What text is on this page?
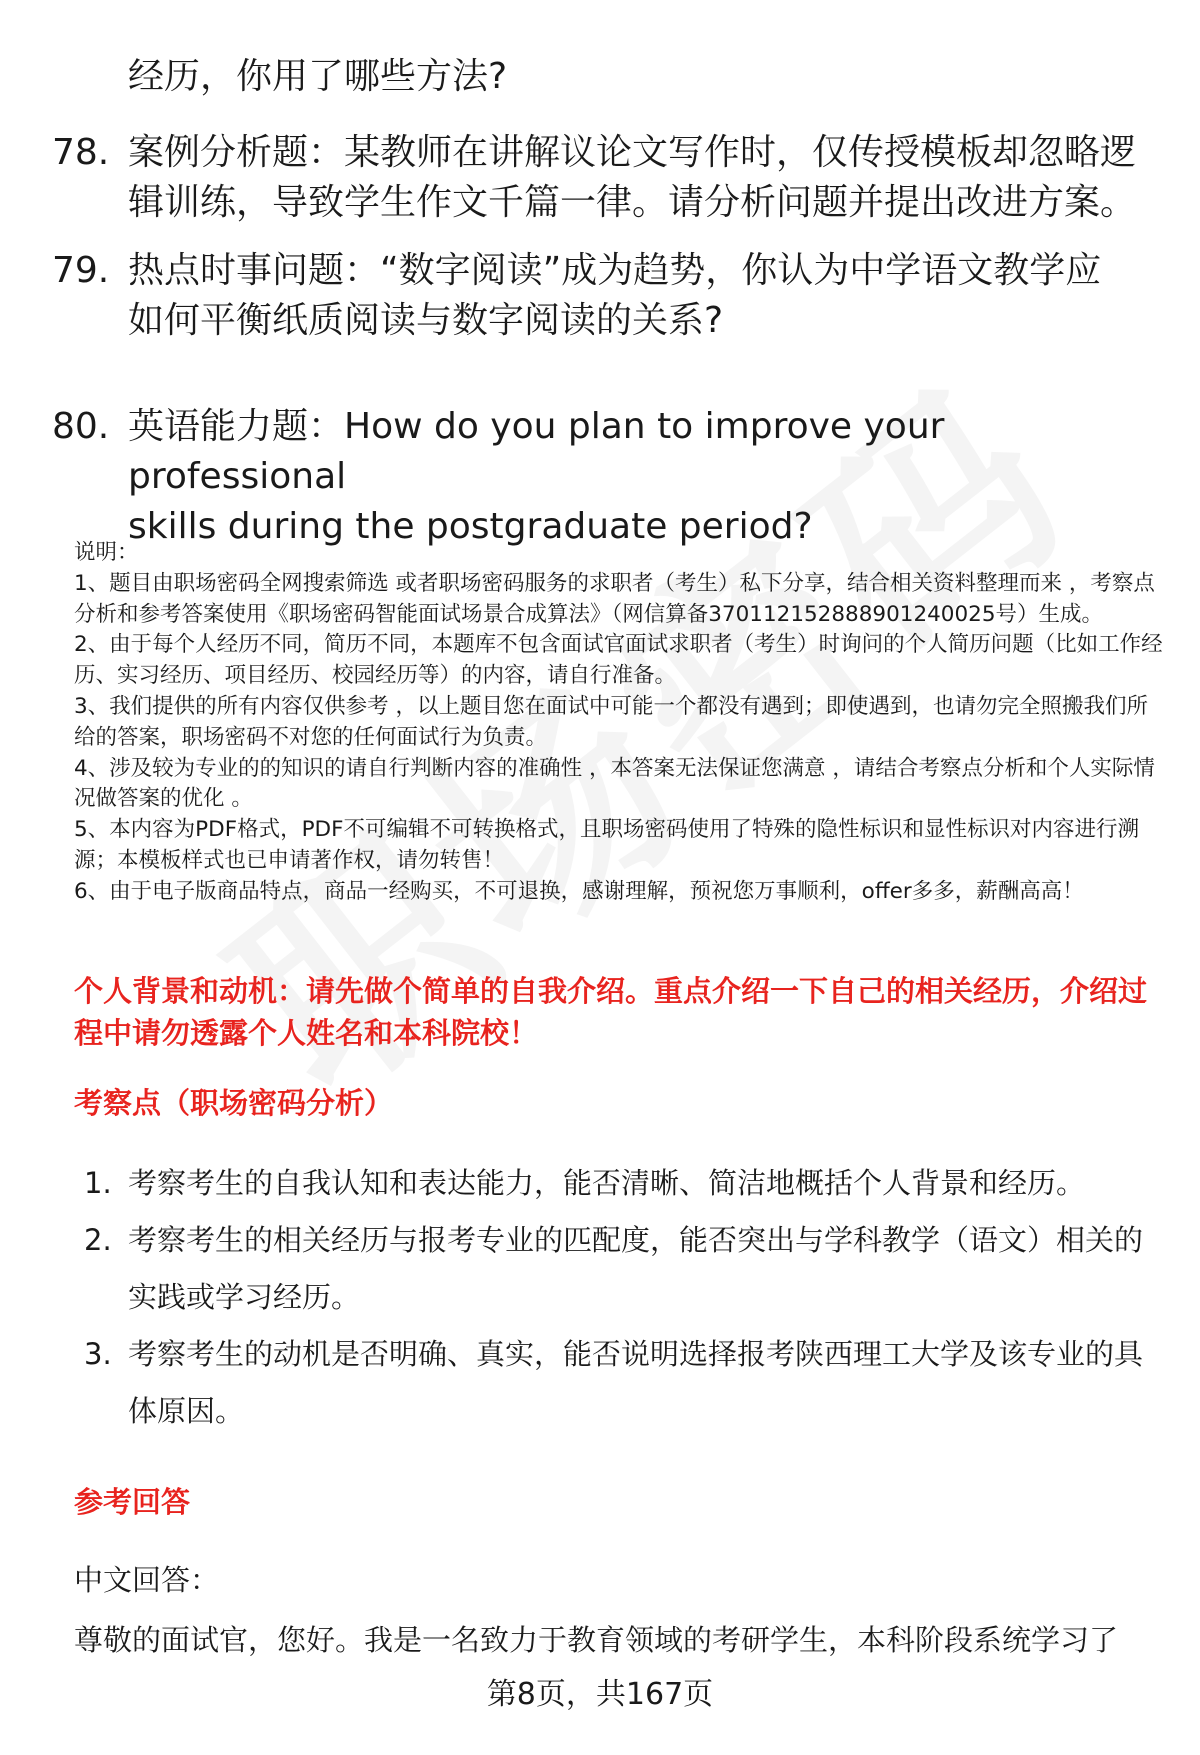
经历，你用了哪些方法?
78. 案例分析题：某教师在讲解议论文写作时，仅传授模板却忽略逻
辑训练，导致学生作文千篇一律。请分析问题并提出改进方案。
79. 热点时事问题：“数字阅读”成为趋势，你认为中学语文教学应
如何平衡纸质阅读与数字阅读的关系?
80. 英语能力题：How do you plan to improve your professional
skills during the postgraduate period?

说明：

1、题目由职场密码全网搜索筛选 或者职场密码服务的求职者（考生）私下分享，结合相关资料整理而来 ，考察点分析和参考答案使用《职场密码智能面试场景合成算法》（网信算备370112152888901240025号）生成。

2、由于每个人经历不同，简历不同，本题库不包含面试官面试求职者（考生）时询问的个人简历问题（比如工作经历、实习经历、项目经历、校园经历等）的内容，请自行准备。

3、我们提供的所有内容仅供参考 ，以上题目您在面试中可能一个都没有遇到；即使遇到，也请勿完全照搬我们所给的答案，职场密码不对您的任何面试行为负责。

4、涉及较为专业的的知识的请自行判断内容的准确性 ，本答案无法保证您满意 ，请结合考察点分析和个人实际情况做答案的优化 。

5、本内容为PDF格式，PDF不可编辑不可转换格式，且职场密码使用了特殊的隐性标识和显性标识对内容进行溯源；本模板样式也已申请著作权，请勿转售！

6、由于电子版商品特点，商品一经购买，不可退换，感谢理解，预祝您万事顺利，offer多多，薪酬高高！

个人背景和动机：请先做个简单的自我介绍。重点介绍一下自己的相关经历，介绍过程中请勿透露个人姓名和本科院校！
考察点（职场密码分析）
1. 考察考生的自我认知和表达能力，能否清晰、简洁地概括个人背景和经历。
2. 考察考生的相关经历与报考专业的匹配度，能否突出与学科教学（语文）相关的实践或学习经历。
3. 考察考生的动机是否明确、真实，能否说明选择报考陕西理工大学及该专业的具体原因。
参考回答
中文回答：
尊敬的面试官，您好。我是一名致力于教育领域的考研学生，本科阶段系统学习了
第8页，共167页
